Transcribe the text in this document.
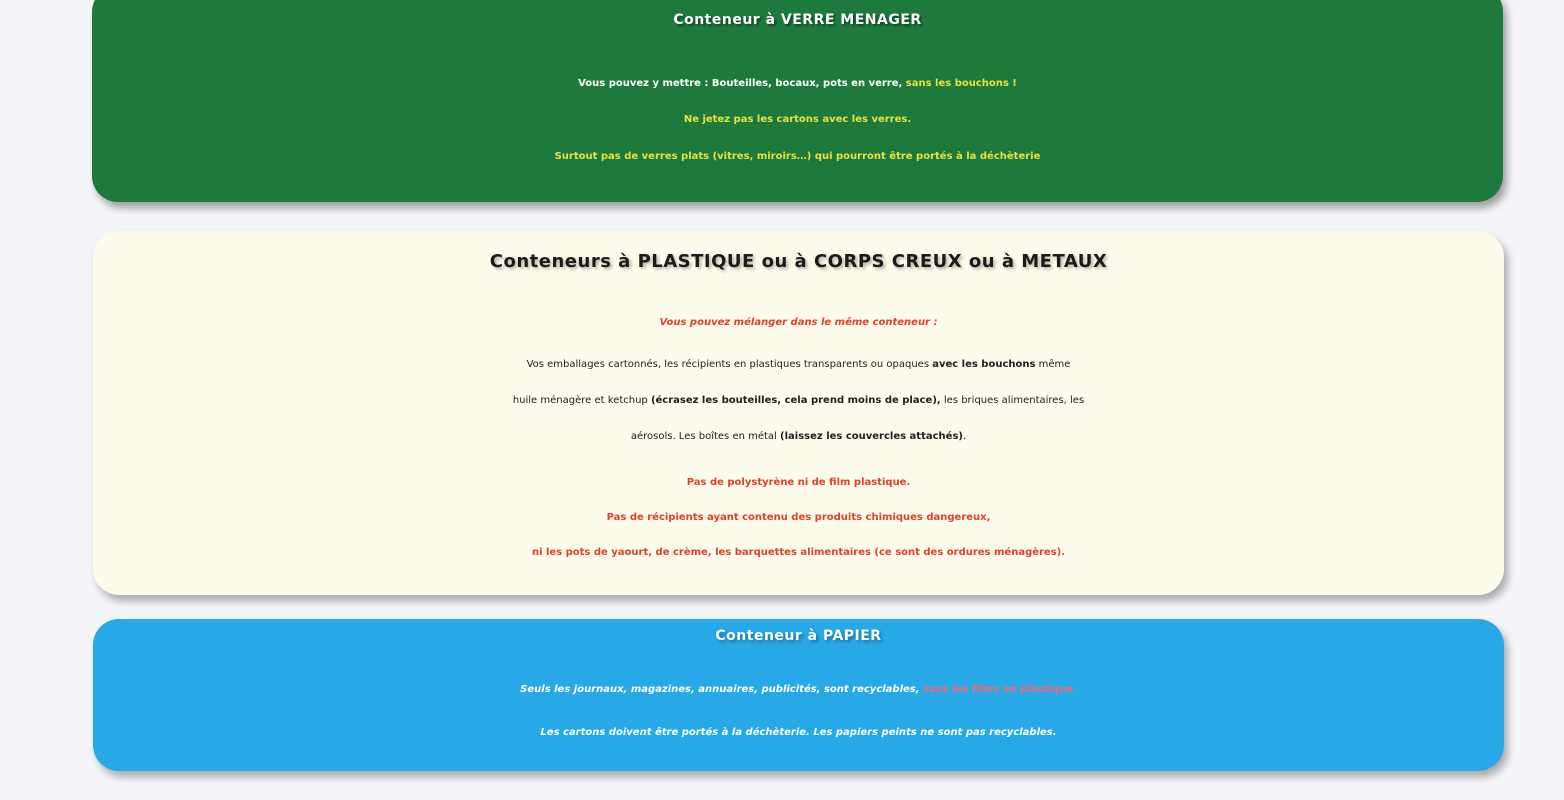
Conteneur à VERRE MENAGER
Vous pouvez y mettre : Bouteilles, bocaux, pots en verre, sans les bouchons !
Ne jetez pas les cartons avec les verres.
Surtout pas de verres plats (vitres, miroirs…) qui pourront être portés à la déchèterie
Conteneurs à PLASTIQUE ou à CORPS CREUX ou à METAUX
Vous pouvez mélanger dans le même conteneur :
Vos emballages cartonnés, les récipients en plastiques transparents ou opaques avec les bouchons même
huile ménagère et ketchup (écrasez les bouteilles, cela prend moins de place), les briques alimentaires, les
aérosols. Les boîtes en métal (laissez les couvercles attachés).
Pas de polystyrène ni de film plastique.
Pas de récipients ayant contenu des produits chimiques dangereux,
ni les pots de yaourt, de crème, les barquettes alimentaires (ce sont des ordures ménagères).
Conteneur à PAPIER
Seuls les journaux, magazines, annuaires, publicités, sont recyclables, sans les films en plastique.
Les cartons doivent être portés à la déchèterie. Les papiers peints ne sont pas recyclables.
